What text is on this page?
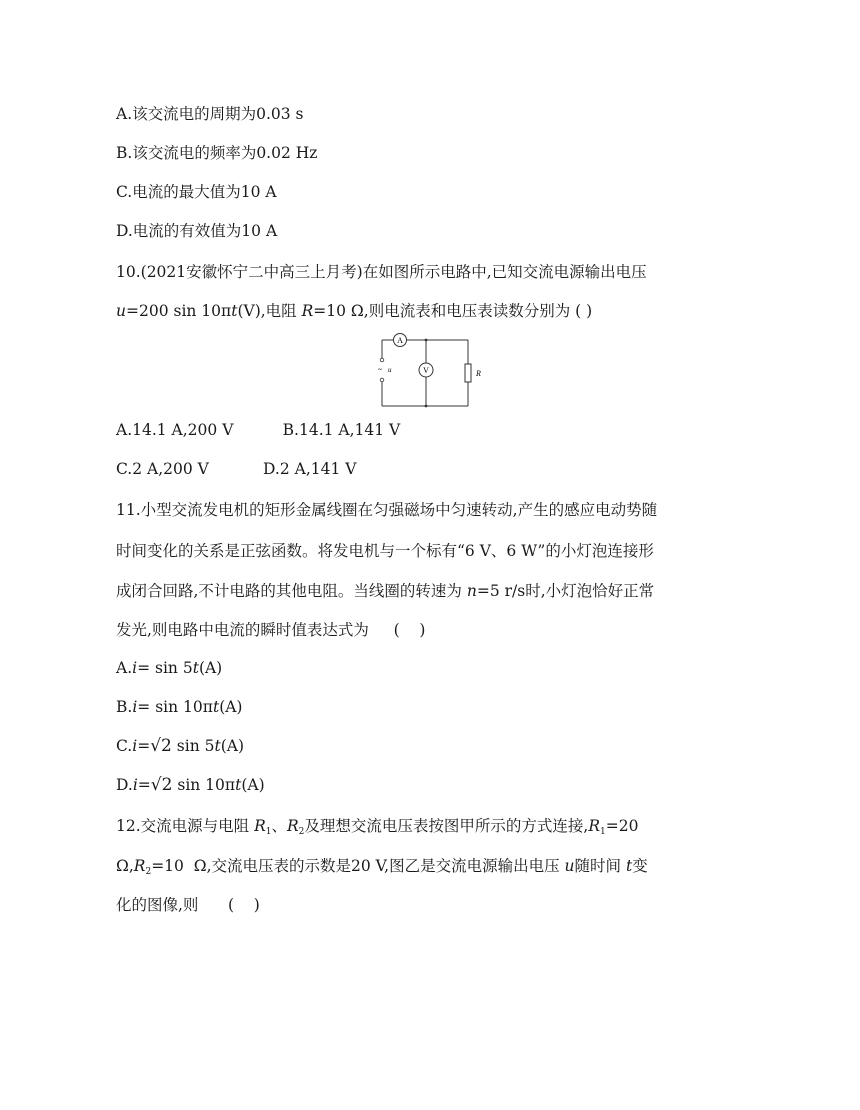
A.该交流电的周期为0.03 s
B.该交流电的频率为0.02 Hz
C.电流的最大值为10 A
D.电流的有效值为10 A
10.(2021安徽怀宁二中高三上月考)在如图所示电路中,已知交流电源输出电压
u=200 sin 10πt(V),电阻 R=10 Ω,则电流表和电压表读数分别为 ( )
A
V	R
~ u
A.14.1 A,200 V          B.14.1 A,141 V
C.2 A,200 V           D.2 A,141 V
11.小型交流发电机的矩形金属线圈在匀强磁场中匀速转动,产生的感应电动势随
时间变化的关系是正弦函数。将发电机与一个标有“6 V、6 W”的小灯泡连接形
成闭合回路,不计电路的其他电阻。当线圈的转速为 n=5 r/s时,小灯泡恰好正常
发光,则电路中电流的瞬时值表达式为     (    )
A.i= sin 5t(A)
B.i= sin 10πt(A)
C.i=√2 sin 5t(A)
D.i=√2 sin 10πt(A)
12.交流电源与电阻 $R_1$、$R_2$及理想交流电压表按图甲所示的方式连接$,R_1=20$
$\Omega,R_2=10$  Ω,交流电压表的示数是20 V,图乙是交流电源输出电压 u随时间 t变
化的图像,则      (    )
